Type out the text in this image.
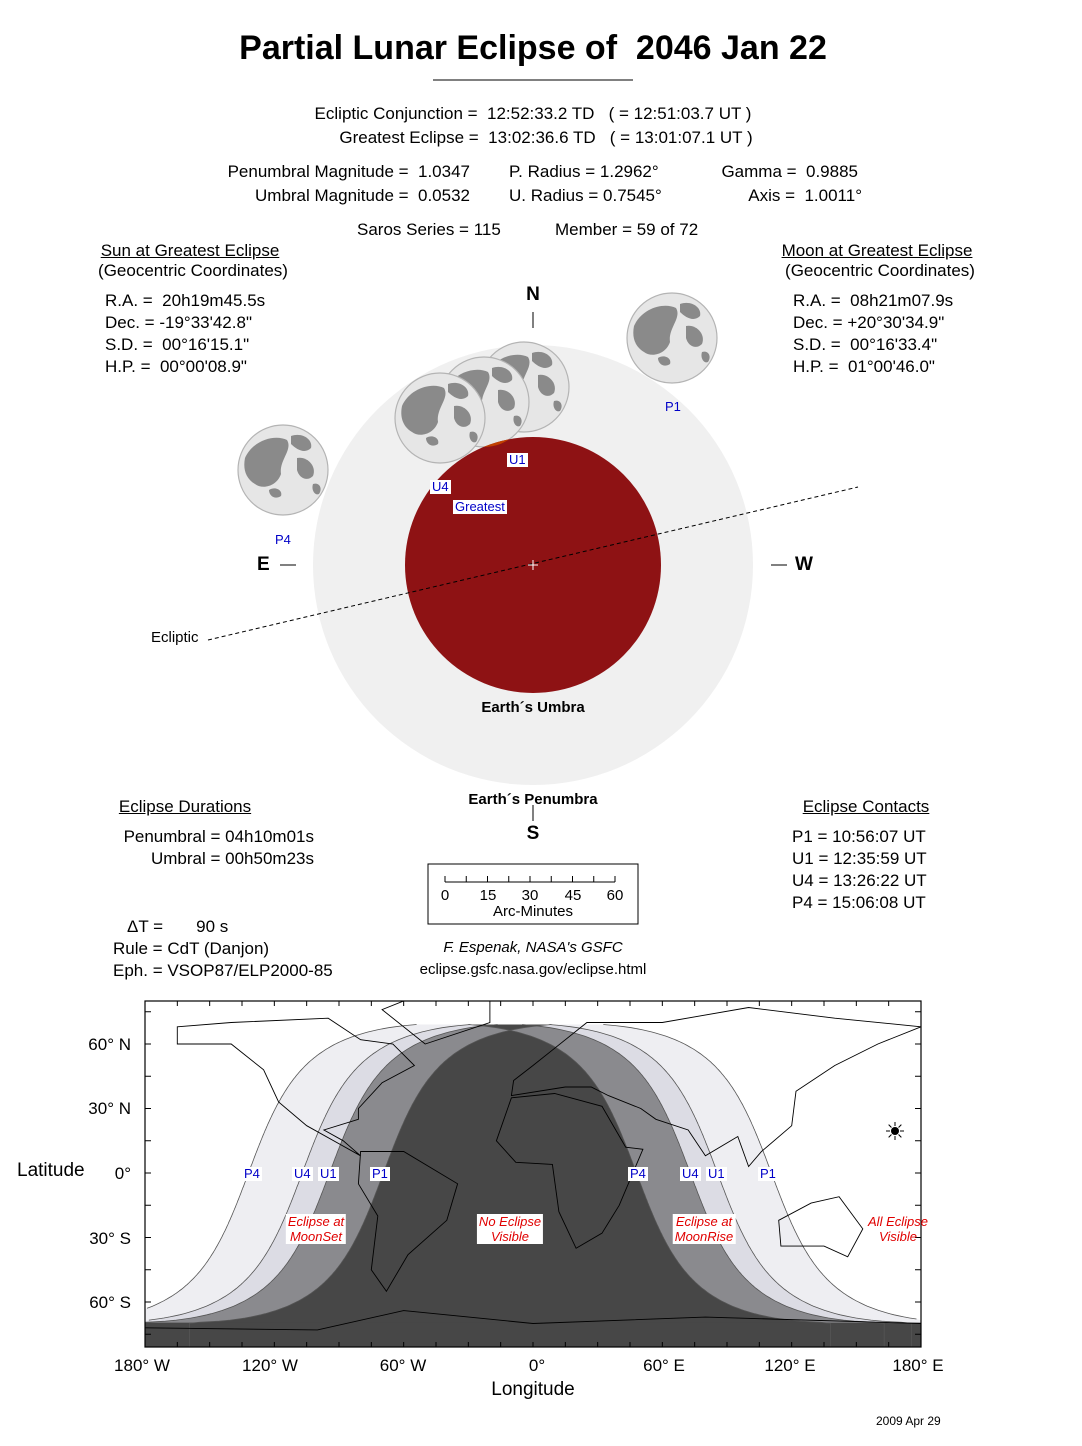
Partial Lunar Eclipse of  2046 Jan 22
Ecliptic Conjunction =  12:52:33.2 TD   ( = 12:51:03.7 UT )
Greatest Eclipse =  13:02:36.6 TD   ( = 13:01:07.1 UT )
Penumbral Magnitude =  1.0347
Umbral Magnitude =  0.0532
P. Radius = 1.2962°
U. Radius = 0.7545°
Gamma =  0.9885
Axis =  1.0011°
Saros Series = 115	Member = 59 of 72
Sun at Greatest Eclipse
(Geocentric Coordinates)
R.A. =  20h19m45.5s
Dec. = -19°33'42.8"
S.D. =  00°16'15.1"
H.P. =  00°00'08.9"
Moon at Greatest Eclipse
(Geocentric Coordinates)
R.A. =  08h21m07.9s
Dec. = +20°30'34.9"
S.D. =  00°16'33.4"
H.P. =  01°00'46.0"
N
S
E	W
Ecliptic
Earth´s Umbra
Earth´s Penumbra
P1
P4
U1
U4
Greatest
Eclipse Durations
Penumbral = 04h10m01s
Umbral = 00h50m23s
Eclipse Contacts
P1 = 10:56:07 UT
U1 = 12:35:59 UT
U4 = 13:26:22 UT
P4 = 15:06:08 UT
0 15 30 45 60
Arc-Minutes
ΔT =       90 s
Rule = CdT (Danjon)
Eph. = VSOP87/ELP2000-85
F. Espenak, NASA's GSFC
eclipse.gsfc.nasa.gov/eclipse.html
Latitude
60° N
30° N
0°
30° S
60° S
180° W	120° W	60° W	0°	60° E	120° E	180° E
Longitude
P4	U4 U1	P1	P4	U4 U1	P1
Eclipse at
MoonSet
No Eclipse
Visible
Eclipse at
MoonRise
All Eclipse
Visible
2009 Apr 29
